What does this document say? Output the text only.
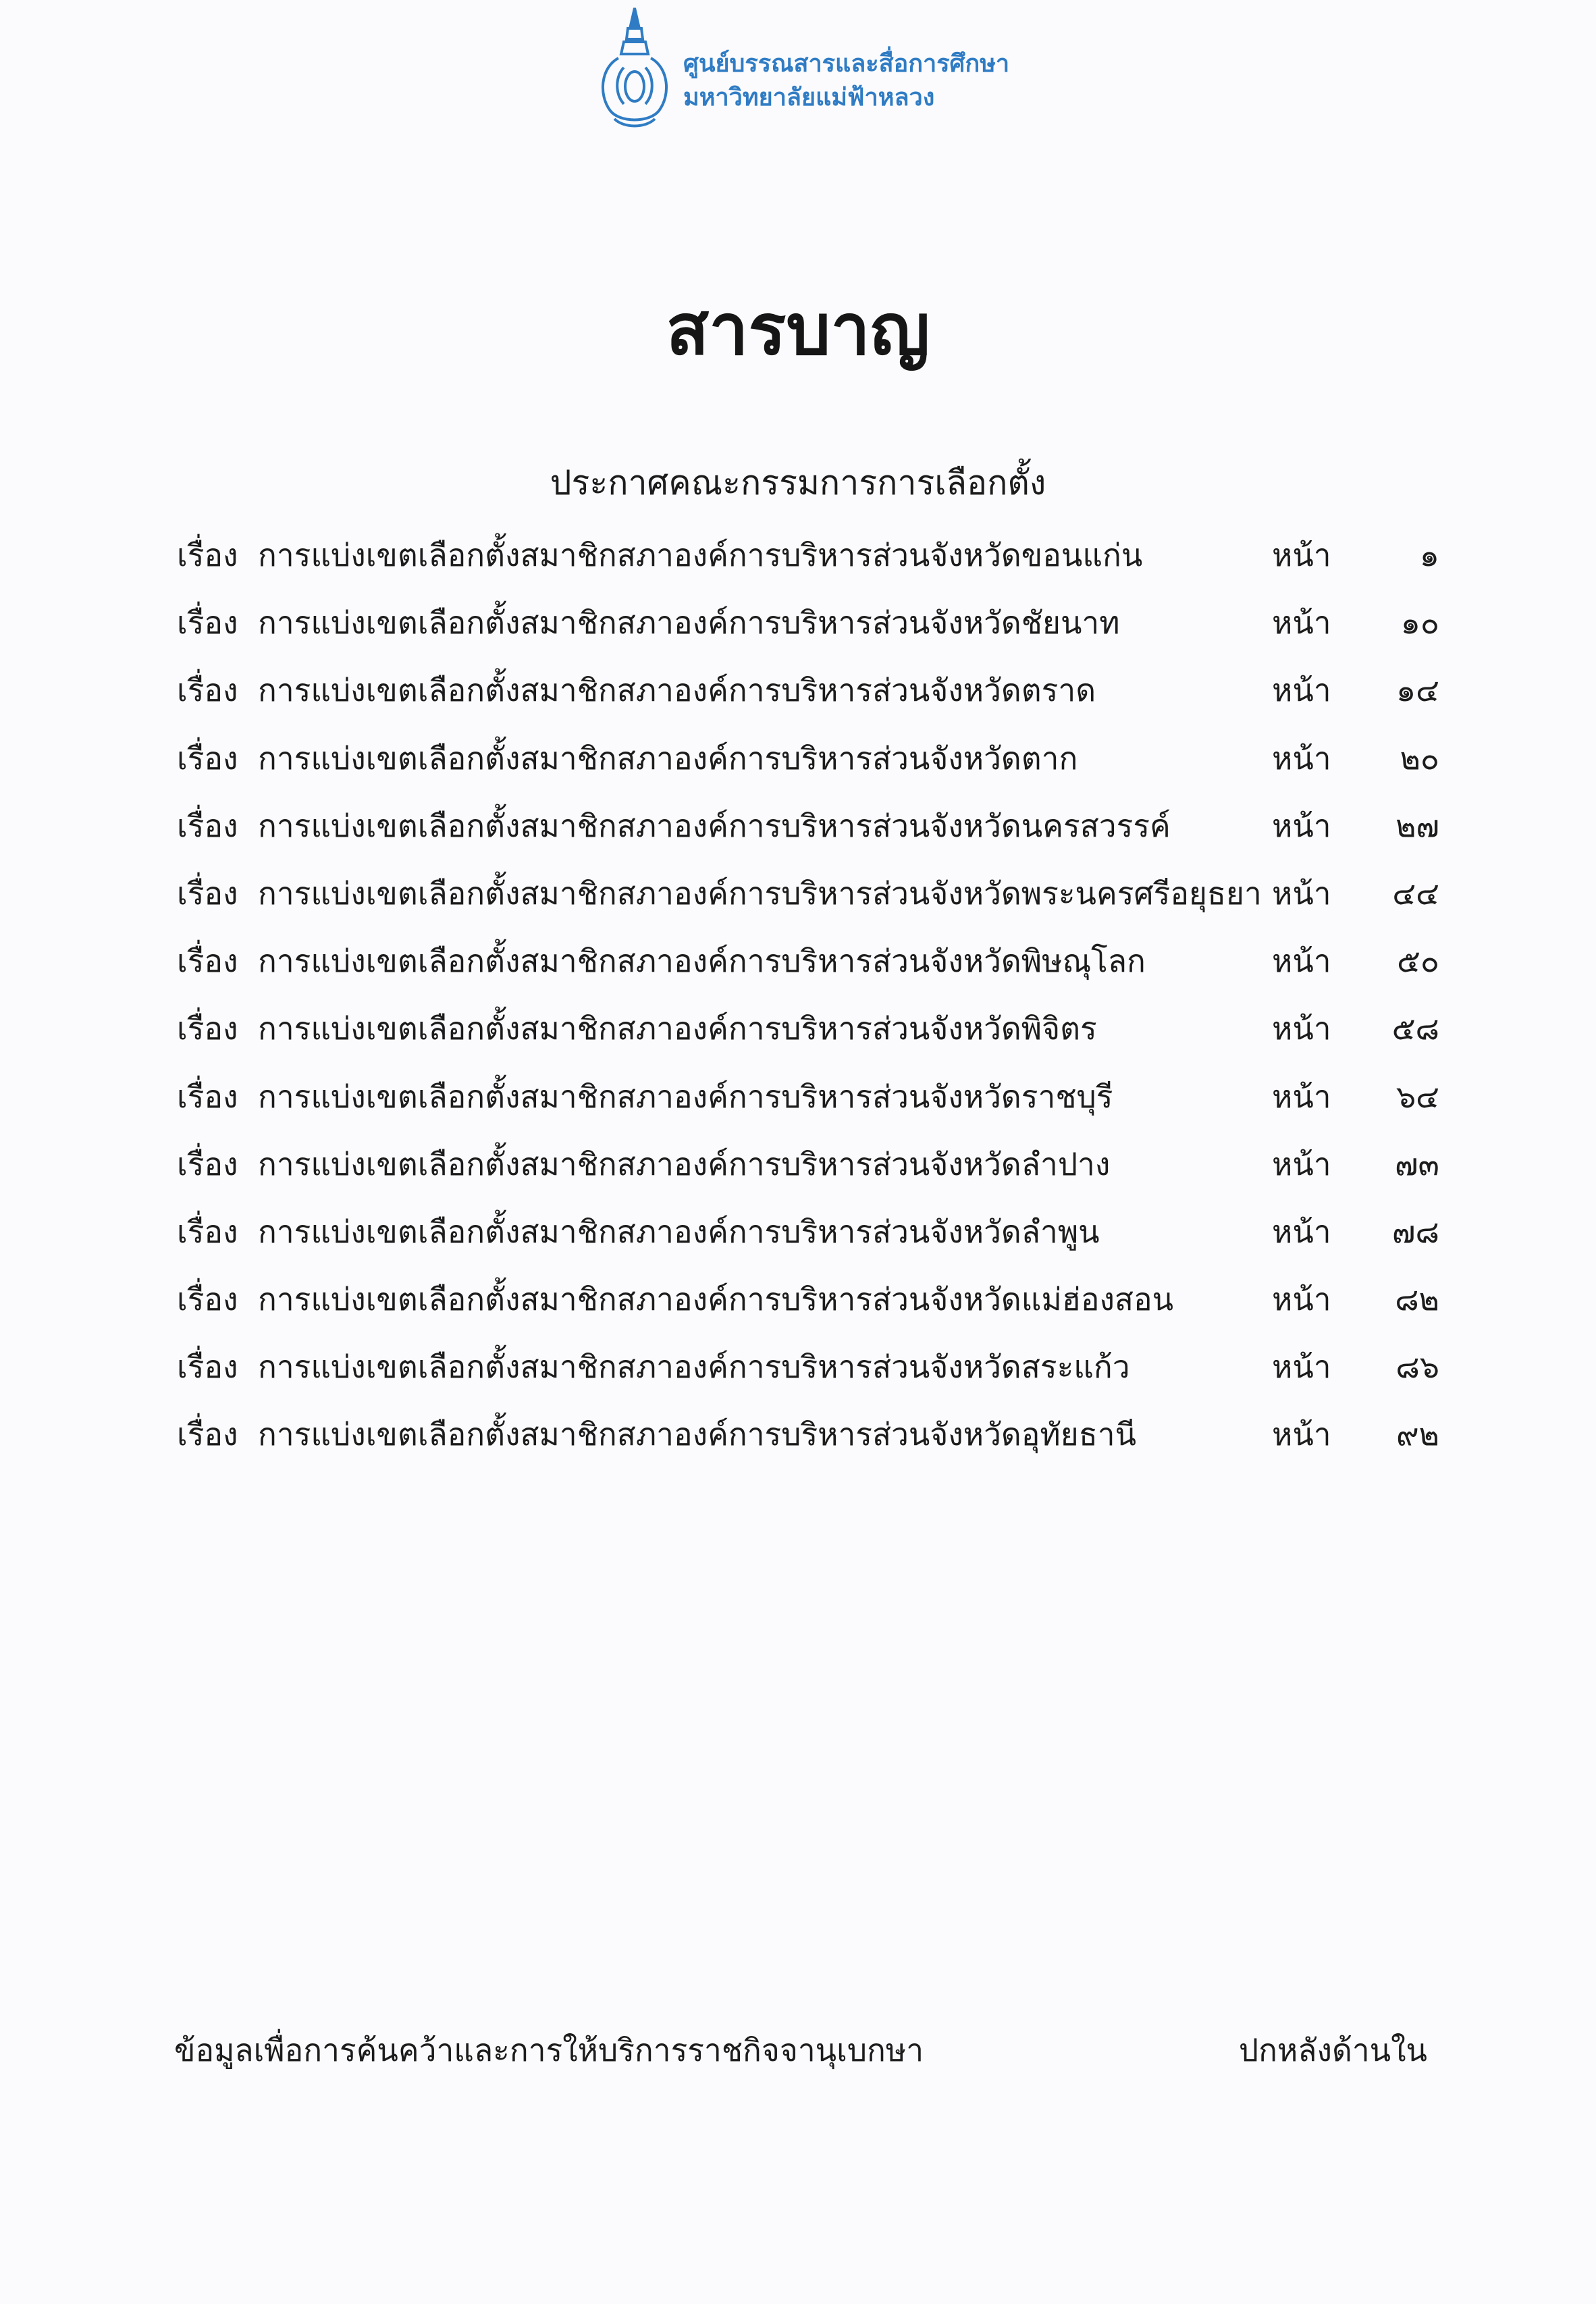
ศูนย์บรรณสารและสื่อการศึกษา
มหาวิทยาลัยแม่ฟ้าหลวง
สารบาญ
ประกาศคณะกรรมการการเลือกตั้ง
เรื่อง การแบ่งเขตเลือกตั้งสมาชิกสภาองค์การบริหารส่วนจังหวัดขอนแก่น	หน้า	๑
เรื่อง การแบ่งเขตเลือกตั้งสมาชิกสภาองค์การบริหารส่วนจังหวัดชัยนาท	หน้า	๑๐
เรื่อง การแบ่งเขตเลือกตั้งสมาชิกสภาองค์การบริหารส่วนจังหวัดตราด	หน้า	๑๔
เรื่อง การแบ่งเขตเลือกตั้งสมาชิกสภาองค์การบริหารส่วนจังหวัดตาก	หน้า	๒๐
เรื่อง การแบ่งเขตเลือกตั้งสมาชิกสภาองค์การบริหารส่วนจังหวัดนครสวรรค์	หน้า	๒๗
เรื่อง การแบ่งเขตเลือกตั้งสมาชิกสภาองค์การบริหารส่วนจังหวัดพระนครศรีอยุธยา หน้า	๔๔
เรื่อง การแบ่งเขตเลือกตั้งสมาชิกสภาองค์การบริหารส่วนจังหวัดพิษณุโลก	หน้า	๕๐
เรื่อง การแบ่งเขตเลือกตั้งสมาชิกสภาองค์การบริหารส่วนจังหวัดพิจิตร	หน้า	๕๘
เรื่อง การแบ่งเขตเลือกตั้งสมาชิกสภาองค์การบริหารส่วนจังหวัดราชบุรี	หน้า	๖๔
เรื่อง การแบ่งเขตเลือกตั้งสมาชิกสภาองค์การบริหารส่วนจังหวัดลำปาง	หน้า	๗๓
เรื่อง การแบ่งเขตเลือกตั้งสมาชิกสภาองค์การบริหารส่วนจังหวัดลำพูน	หน้า	๗๘
เรื่อง การแบ่งเขตเลือกตั้งสมาชิกสภาองค์การบริหารส่วนจังหวัดแม่ฮ่องสอน	หน้า	๘๒
เรื่อง การแบ่งเขตเลือกตั้งสมาชิกสภาองค์การบริหารส่วนจังหวัดสระแก้ว	หน้า	๘๖
เรื่อง การแบ่งเขตเลือกตั้งสมาชิกสภาองค์การบริหารส่วนจังหวัดอุทัยธานี	หน้า	๙๒
ข้อมูลเพื่อการค้นคว้าและการให้บริการราชกิจจานุเบกษา	ปกหลังด้านใน
